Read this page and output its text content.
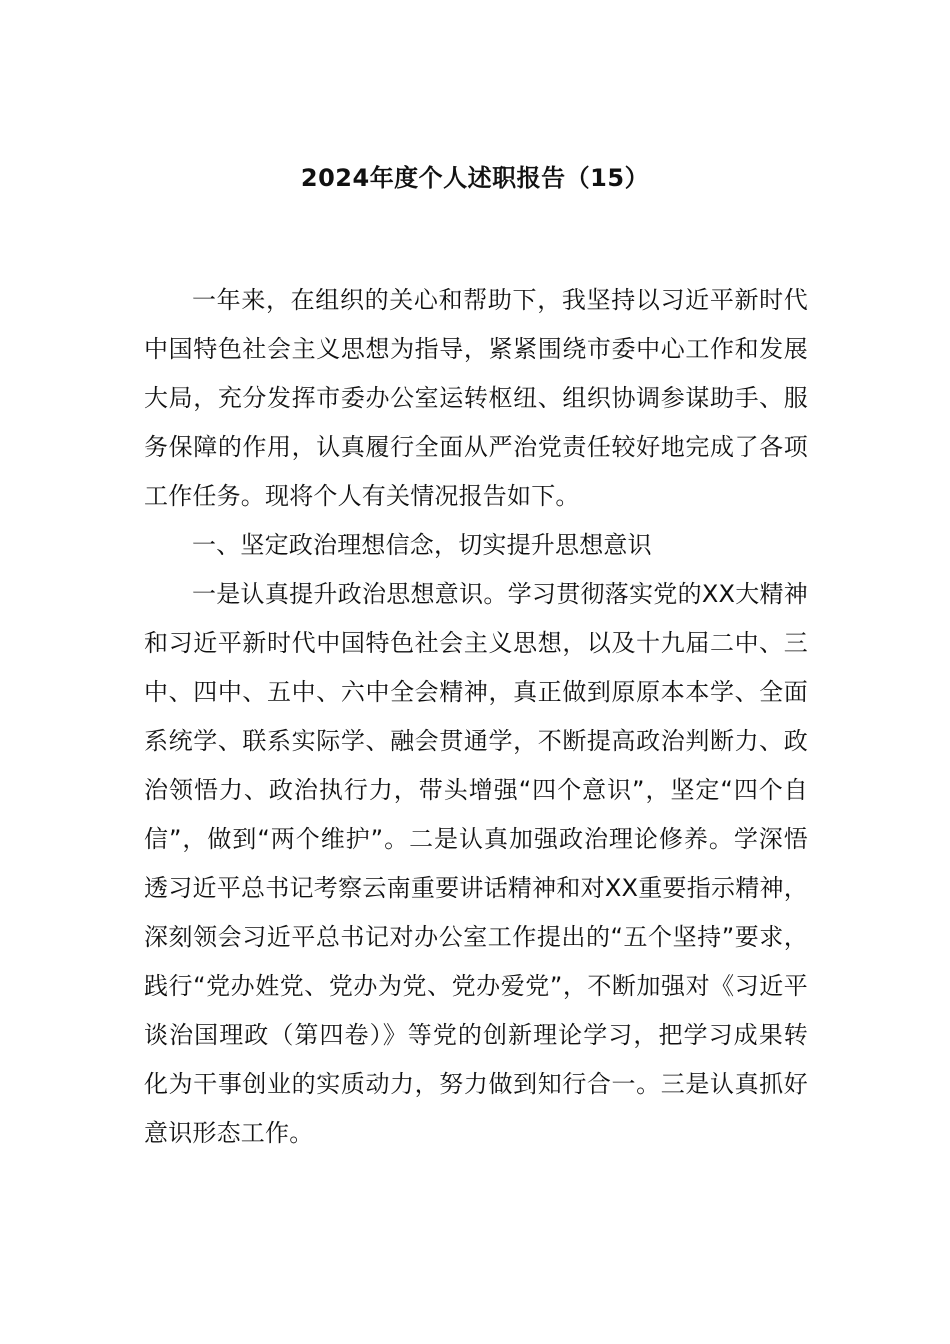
2024年度个人述职报告（15）

一年来，在组织的关心和帮助下，我坚持以习近平新时代中国特色社会主义思想为指导，紧紧围绕市委中心工作和发展大局，充分发挥市委办公室运转枢纽、组织协调参谋助手、服务保障的作用，认真履行全面从严治党责任较好地完成了各项工作任务。现将个人有关情况报告如下。

一、坚定政治理想信念，切实提升思想意识

一是认真提升政治思想意识。学习贯彻落实党的XX大精神和习近平新时代中国特色社会主义思想，以及十九届二中、三中、四中、五中、六中全会精神，真正做到原原本本学、全面系统学、联系实际学、融会贯通学，不断提高政治判断力、政治领悟力、政治执行力，带头增强“四个意识”，坚定“四个自信”，做到“两个维护”。二是认真加强政治理论修养。学深悟透习近平总书记考察云南重要讲话精神和对XX重要指示精神，深刻领会习近平总书记对办公室工作提出的“五个坚持”要求，践行“党办姓党、党办为党、党办爱党”，不断加强对《习近平谈治国理政（第四卷）》等党的创新理论学习，把学习成果转化为干事创业的实质动力，努力做到知行合一。三是认真抓好意识形态工作。
